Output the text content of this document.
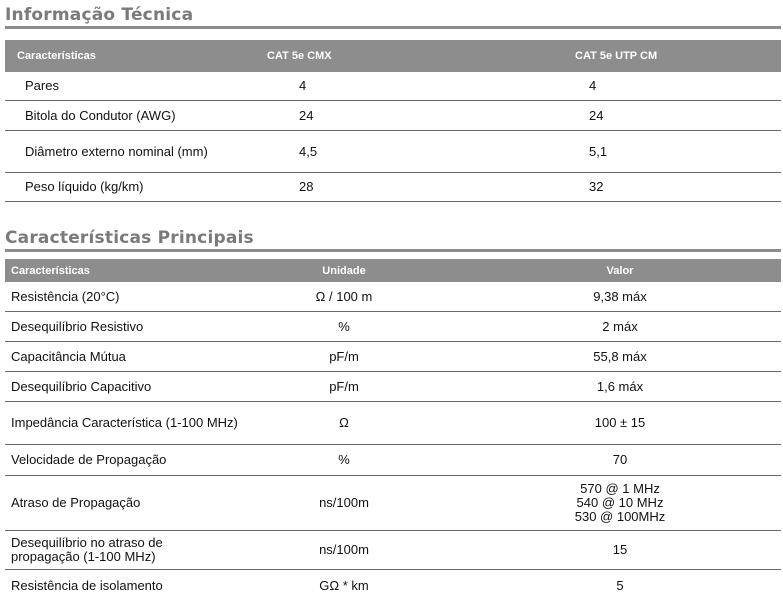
Informação Técnica
Características	CAT 5e CMX	CAT 5e UTP CM
Pares	4	4
Bitola do Condutor (AWG)	24	24
Diâmetro externo nominal (mm)	4,5	5,1
Peso líquido (kg/km)	28	32
Características Principais
Características	Unidade	Valor
Resistência (20°C)	Ω / 100 m	9,38 máx
Desequilíbrio Resistivo	%	2 máx
Capacitância Mútua	pF/m	55,8 máx
Desequilíbrio Capacitivo	pF/m	1,6 máx
Impedância Característica (1-100 MHz)	Ω	100 ± 15
Velocidade de Propagação	%	70
Atraso de Propagação	ns/100m	570 @ 1 MHz
540 @ 10 MHz
530 @ 100MHz

Desequilíbrio no atraso de propagação (1-100 MHz)	ns/100m	15
Resistência de isolamento	GΩ * km	5
